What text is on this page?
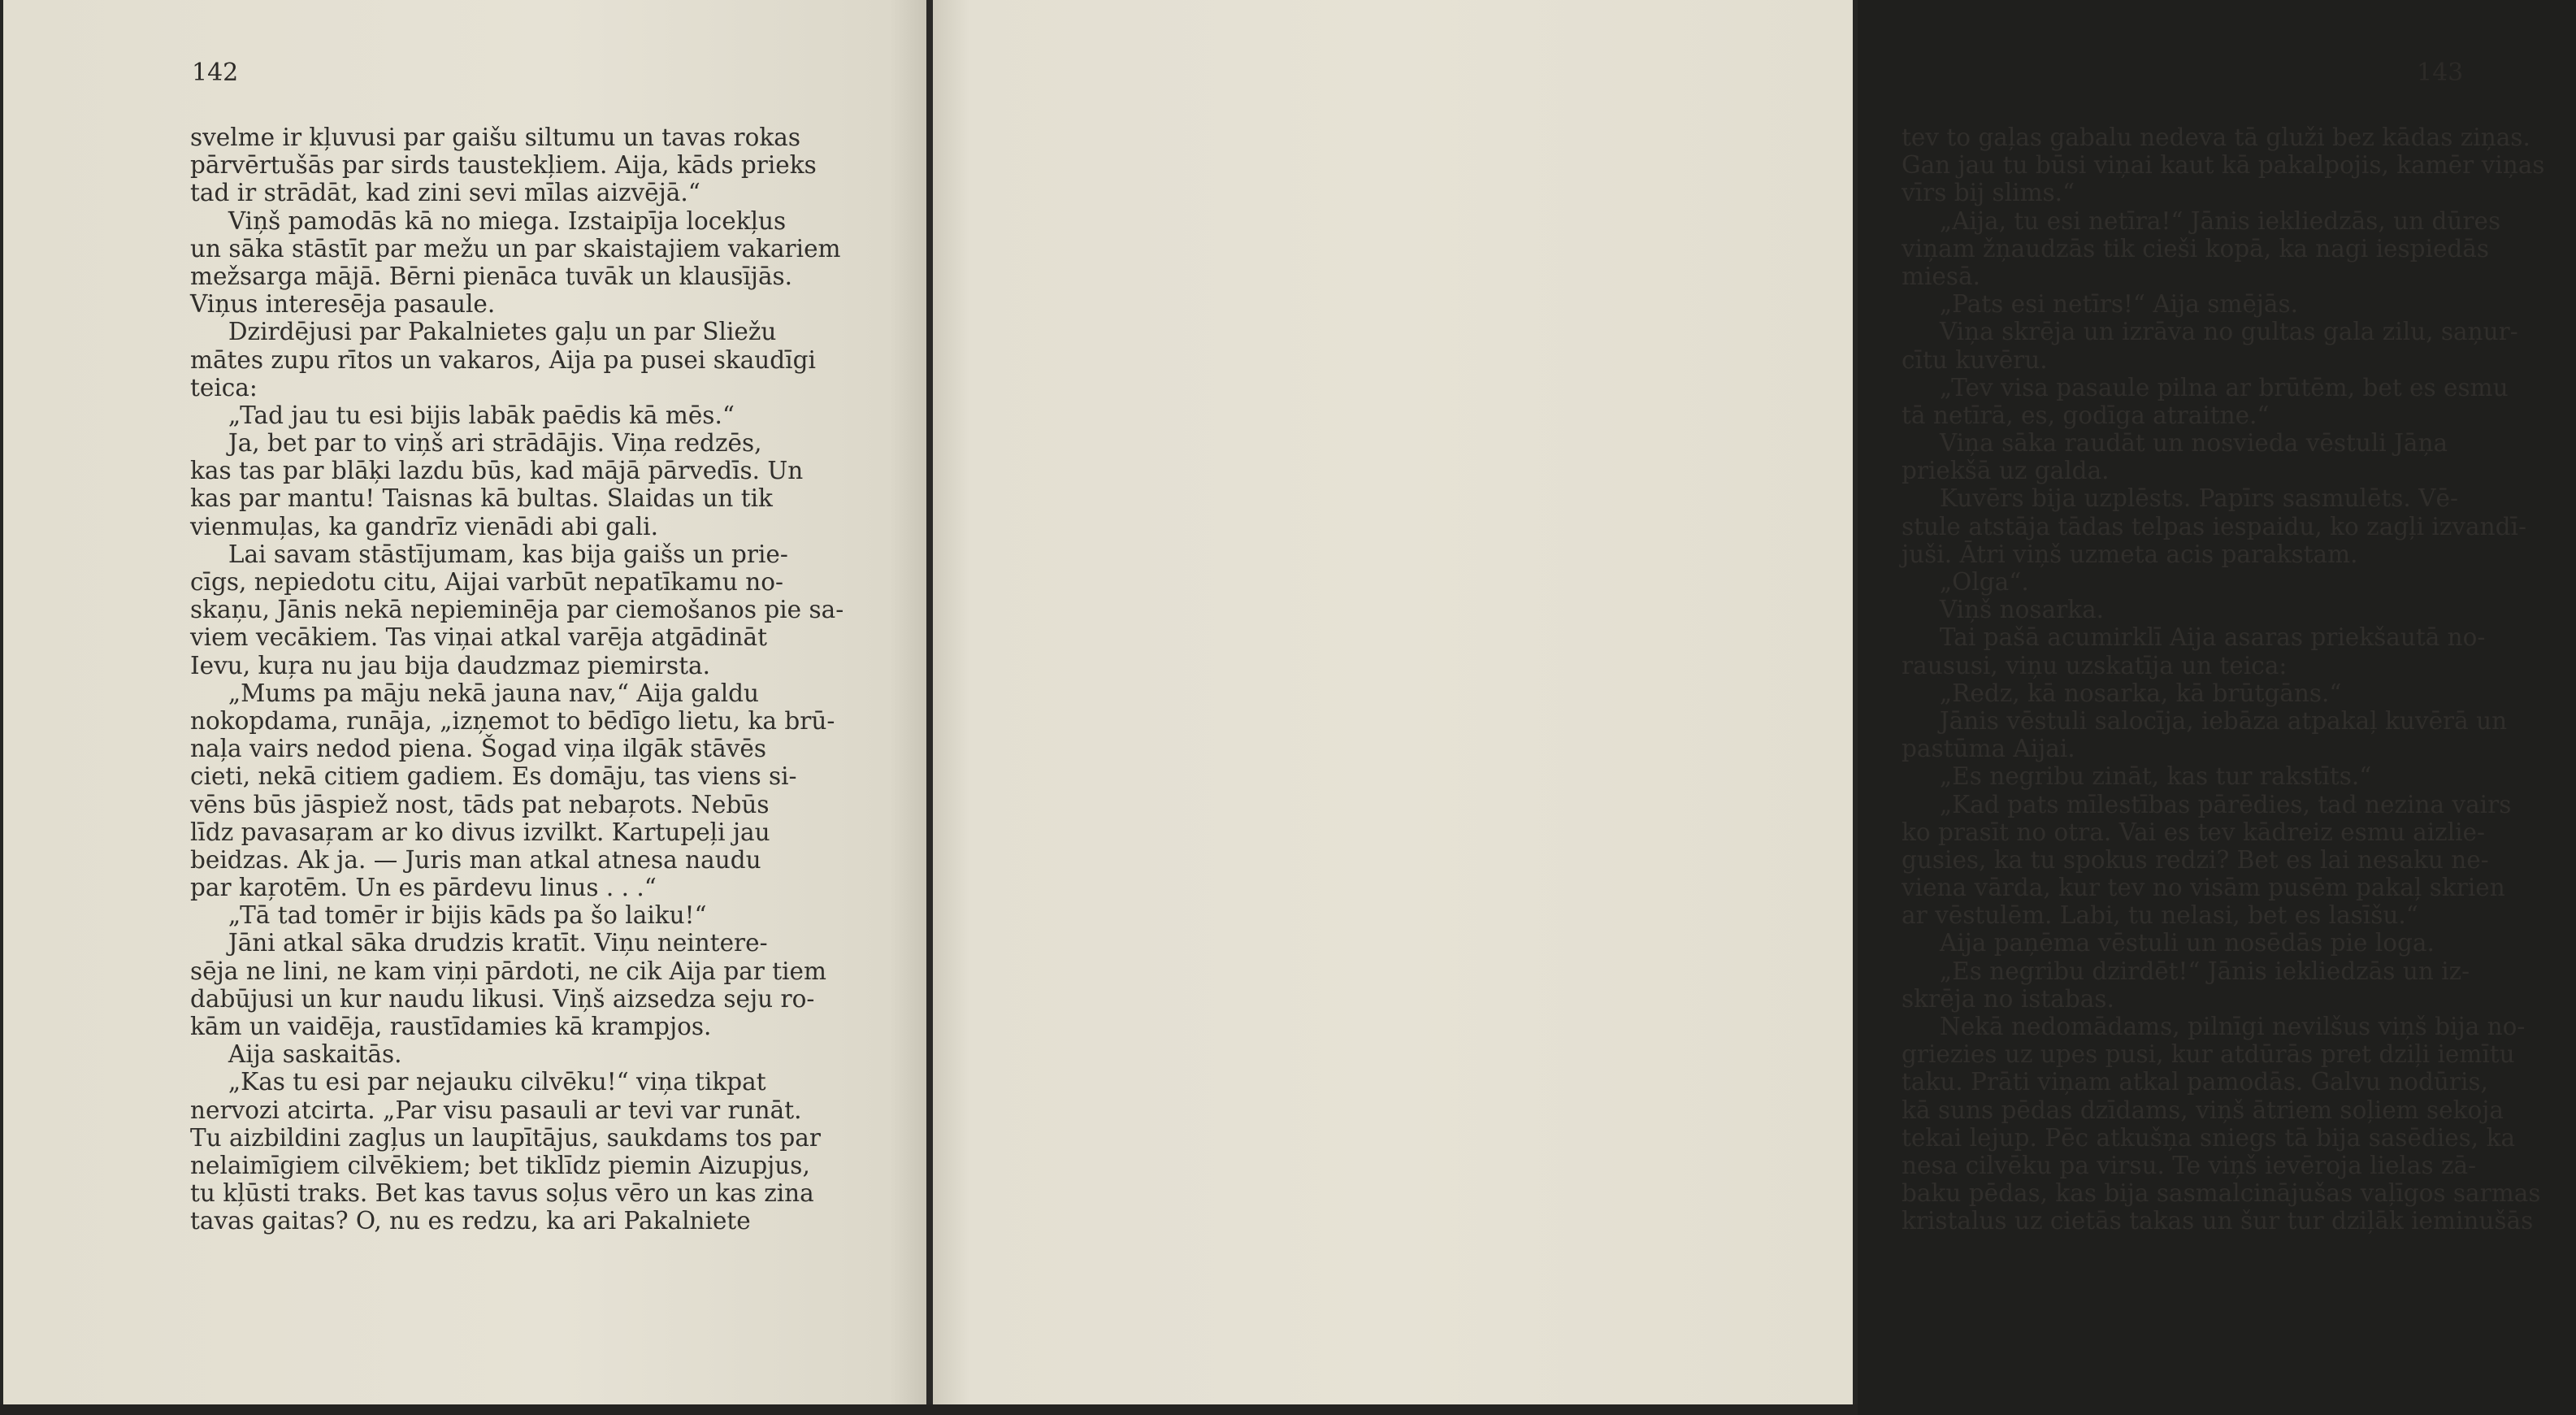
142
svelme ir kļuvusi par gaišu siltumu un tavas rokas
pārvērtušās par sirds taustekļiem. Aija, kāds prieks
tad ir strādāt, kad zini sevi mīlas aizvējā.“
Viņš pamodās kā no miega. Izstaipīja locekļus
un sāka stāstīt par mežu un par skaistajiem vakariem
mežsarga mājā. Bērni pienāca tuvāk un klausījās.
Viņus interesēja pasaule.
Dzirdējusi par Pakalnietes gaļu un par Sliežu
mātes zupu rītos un vakaros, Aija pa pusei skaudīgi
teica:
„Tad jau tu esi bijis labāk paēdis kā mēs.“
Ja, bet par to viņš ari strādājis. Viņa redzēs,
kas tas par blāķi lazdu būs, kad mājā pārvedīs. Un
kas par mantu! Taisnas kā bultas. Slaidas un tik
vienmuļas, ka gandrīz vienādi abi gali.
Lai savam stāstījumam, kas bija gaišs un prie-
cīgs, nepiedotu citu, Aijai varbūt nepatīkamu no-
skaņu, Jānis nekā nepieminēja par ciemošanos pie sa-
viem vecākiem. Tas viņai atkal varēja atgādināt
Ievu, kuŗa nu jau bija daudzmaz piemirsta.
„Mums pa māju nekā jauna nav,“ Aija galdu
nokopdama, runāja, „izņemot to bēdīgo lietu, ka brū-
naļa vairs nedod piena. Šogad viņa ilgāk stāvēs
cieti, nekā citiem gadiem. Es domāju, tas viens si-
vēns būs jāspiež nost, tāds pat nebaŗots. Nebūs
līdz pavasaŗam ar ko divus izvilkt. Kartupeļi jau
beidzas. Ak ja. — Juris man atkal atnesa naudu
par kaŗotēm. Un es pārdevu linus . . .“
„Tā tad tomēr ir bijis kāds pa šo laiku!“
Jāni atkal sāka drudzis kratīt. Viņu neintere-
sēja ne lini, ne kam viņi pārdoti, ne cik Aija par tiem
dabūjusi un kur naudu likusi. Viņš aizsedza seju ro-
kām un vaidēja, raustīdamies kā krampjos.
Aija saskaitās.
„Kas tu esi par nejauku cilvēku!“ viņa tikpat
nervozi atcirta. „Par visu pasauli ar tevi var runāt.
Tu aizbildini zagļus un laupītājus, saukdams tos par
nelaimīgiem cilvēkiem; bet tiklīdz piemin Aizupjus,
tu kļūsti traks. Bet kas tavus soļus vēro un kas zina
tavas gaitas? O, nu es redzu, ka ari Pakalniete
143
tev to gaļas gabalu nedeva tā gluži bez kādas ziņas.
Gan jau tu būsi viņai kaut kā pakalpojis, kamēr viņas
vīrs bij slims.“
„Aija, tu esi netīra!“ Jānis iekliedzās, un dūres
viņam žņaudzās tik cieši kopā, ka nagi iespiedās
miesā.
„Pats esi netīrs!“ Aija smējās.
Viņa skrēja un izrāva no gultas gala zilu, saņur-
cītu kuvēru.
„Tev visa pasaule pilna ar brūtēm, bet es esmu
tā netīrā, es, godīga atraitne.“
Viņa sāka raudāt un nosvieda vēstuli Jāņa
priekšā uz galda.
Kuvērs bija uzplēsts. Papīrs sasmulēts. Vē-
stule atstāja tādas telpas iespaidu, ko zagļi izvandī-
juši. Ātri viņš uzmeta acis parakstam.
„Olga“.
Viņš nosarka.
Tai pašā acumirklī Aija asaras priekšautā no-
raususi, viņu uzskatīja un teica:
„Redz, kā nosarka, kā brūtgāns.“
Jānis vēstuli salocīja, iebāza atpakaļ kuvērā un
pastūma Aijai.
„Es negribu zināt, kas tur rakstīts.“
„Kad pats mīlestības pārēdies, tad nezina vairs
ko prasīt no otra. Vai es tev kādreiz esmu aizlie-
gusies, ka tu spokus redzi? Bet es lai nesaku ne-
viena vārda, kur tev no visām pusēm pakaļ skrien
ar vēstulēm. Labi, tu nelasi, bet es lasīšu.“
Aija paņēma vēstuli un nosēdās pie loga.
„Es negribu dzirdēt!“ Jānis iekliedzās un iz-
skrēja no istabas.
Nekā nedomādams, pilnīgi nevilšus viņš bija no-
griezies uz upes pusi, kur atdūrās pret dziļi iemītu
taku. Prāti viņam atkal pamodās. Galvu nodūris,
kā suns pēdas dzīdams, viņš ātriem soļiem sekoja
tekai lejup. Pēc atkušņa sniegs tā bija sasēdies, ka
nesa cilvēku pa virsu. Te viņš ievēroja lielas zā-
baku pēdas, kas bija sasmalcinājušas vaļīgos sarmas
kristalus uz cietās takas un šur tur dziļāk ieminušās
